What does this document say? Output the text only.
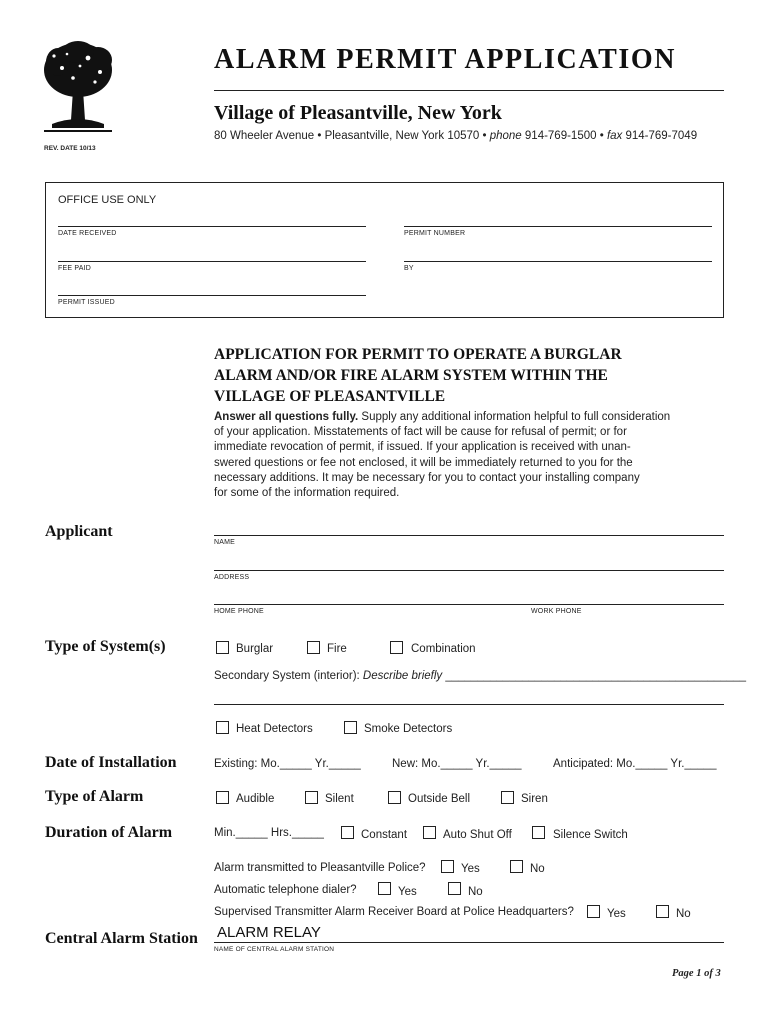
REV. DATE 10/13
ALARM PERMIT APPLICATION
Village of Pleasantville, New York
80 Wheeler Avenue • Pleasantville, New York 10570 • phone 914-769-1500 • fax 914-769-7049
OFFICE USE ONLY
DATE RECEIVED	PERMIT NUMBER
FEE PAID	BY
PERMIT ISSUED
APPLICATION FOR PERMIT TO OPERATE A BURGLAR
ALARM AND/OR FIRE ALARM SYSTEM WITHIN THE
VILLAGE OF PLEASANTVILLE
Answer all questions fully. Supply any additional information helpful to full consideration
of your application. Misstatements of fact will be cause for refusal of permit; or for
immediate revocation of permit, if issued. If your application is received with unan-
swered questions or fee not enclosed, it will be immediately returned to you for the
necessary additions. It may be necessary for you to contact your installing company
for some of the information required.
Applicant
NAME
ADDRESS
HOME PHONE	WORK PHONE
Type of System(s)	Burglar	Fire	Combination
Secondary System (interior): Describe briefly _______________________________________________
Heat Detectors	Smoke Detectors
Date of Installation	Existing: Mo._____ Yr._____	New: Mo._____ Yr._____	Anticipated: Mo._____ Yr._____
Type of Alarm	Audible	Silent	Outside Bell	Siren
Duration of Alarm	Min._____ Hrs._____	Constant	Auto Shut Off	Silence Switch
Alarm transmitted to Pleasantville Police?	Yes	No
Automatic telephone dialer?	Yes	No
Supervised Transmitter Alarm Receiver Board at Police Headquarters?	Yes	No
Central Alarm Station ALARM RELAY
NAME OF CENTRAL ALARM STATION
Page 1 of 3
